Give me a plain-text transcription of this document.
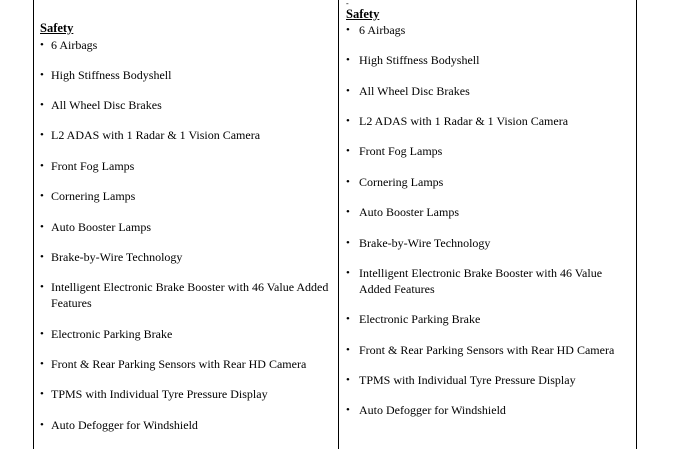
Safety
• 6 Airbags
• High Stiffness Bodyshell
• All Wheel Disc Brakes
• L2 ADAS with 1 Radar & 1 Vision Camera
• Front Fog Lamps
• Cornering Lamps
• Auto Booster Lamps
• Brake-by-Wire Technology
• Intelligent Electronic Brake Booster with 46 Value Added
Features
• Electronic Parking Brake
• Front & Rear Parking Sensors with Rear HD Camera
• TPMS with Individual Tyre Pressure Display
• Auto Defogger for Windshield
-
Safety
• 6 Airbags
• High Stiffness Bodyshell
• All Wheel Disc Brakes
• L2 ADAS with 1 Radar & 1 Vision Camera
• Front Fog Lamps
• Cornering Lamps
• Auto Booster Lamps
• Brake-by-Wire Technology
• Intelligent Electronic Brake Booster with 46 Value
Added Features
• Electronic Parking Brake
• Front & Rear Parking Sensors with Rear HD Camera
• TPMS with Individual Tyre Pressure Display
• Auto Defogger for Windshield
